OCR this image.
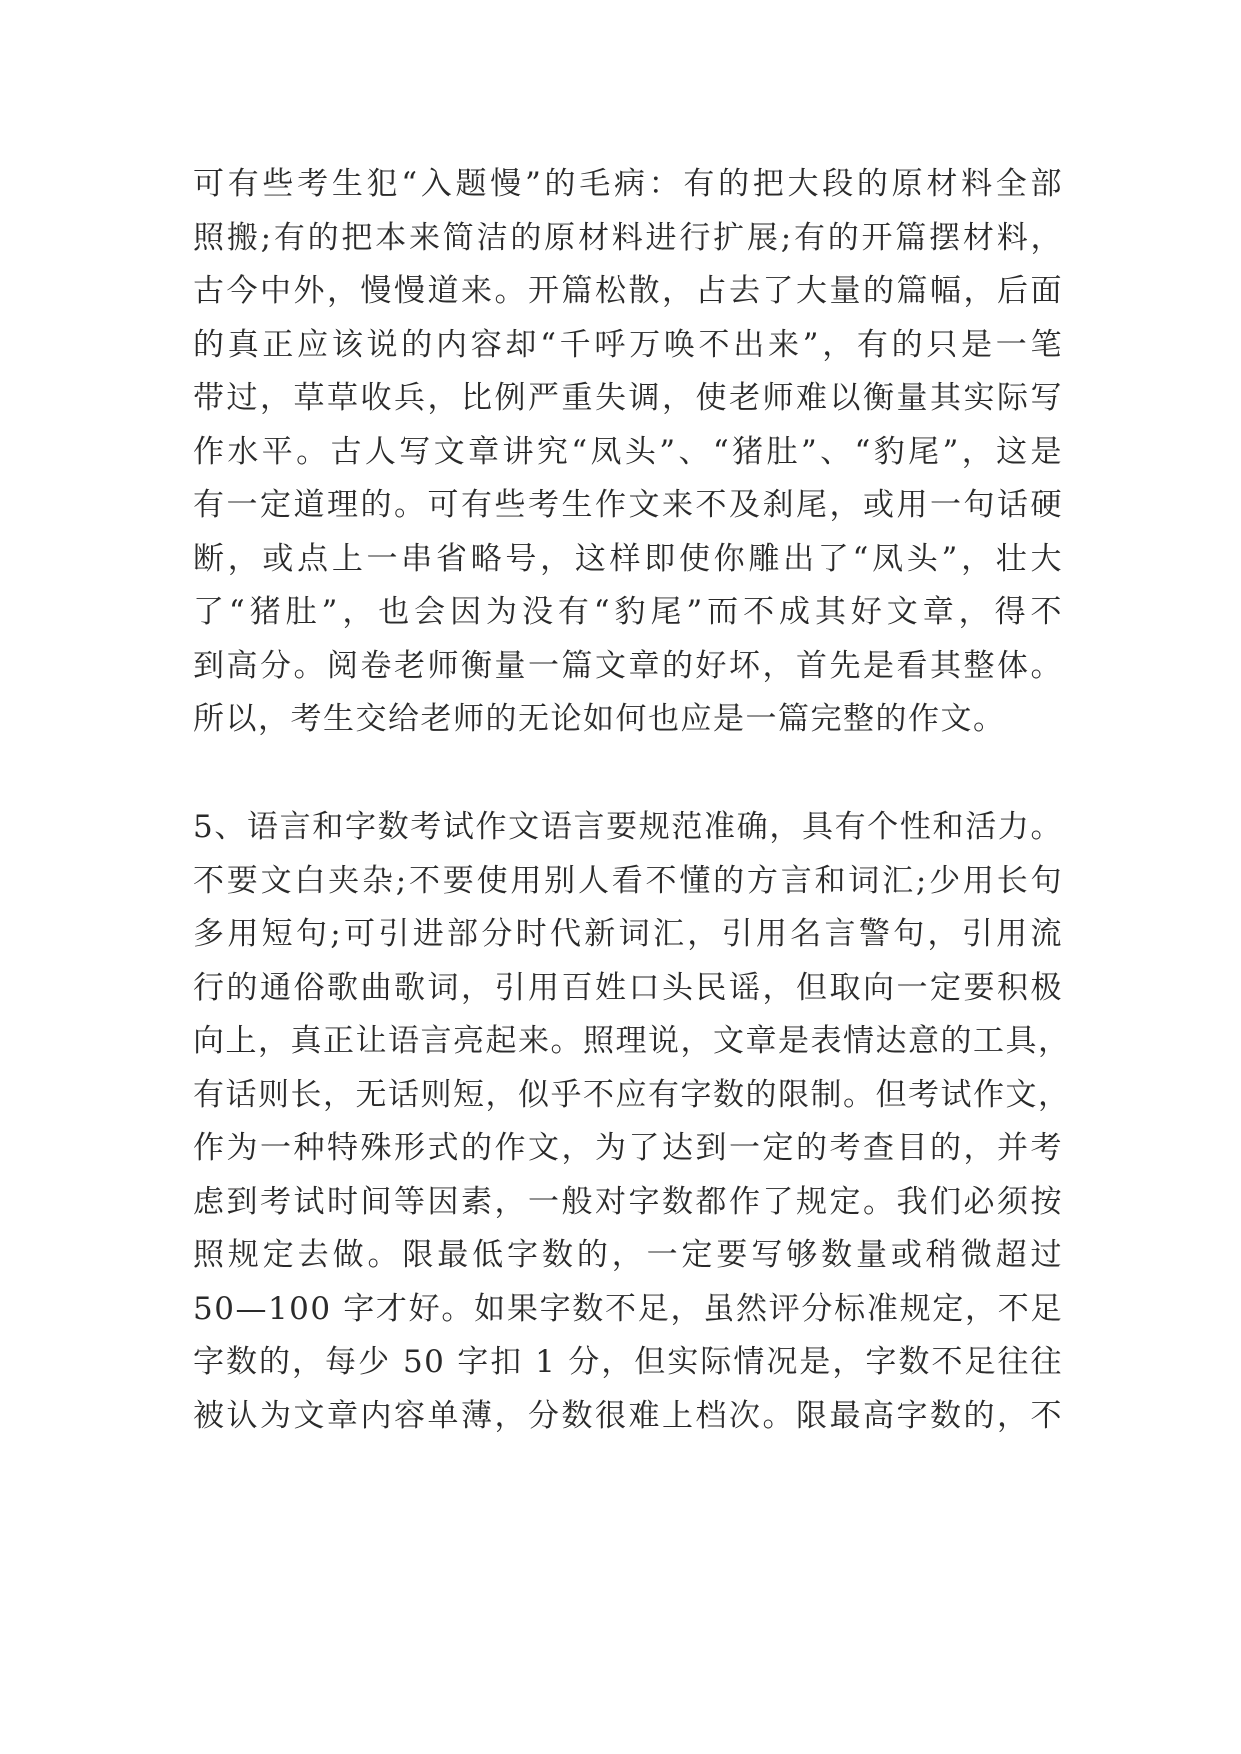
可有些考生犯“入题慢”的毛病：有的把大段的原材料全部
照搬;有的把本来简洁的原材料进行扩展;有的开篇摆材料，
古今中外，慢慢道来。开篇松散，占去了大量的篇幅，后面
的真正应该说的内容却“千呼万唤不出来”，有的只是一笔
带过，草草收兵，比例严重失调，使老师难以衡量其实际写
作水平。古人写文章讲究“凤头”、“猪肚”、“豹尾”，这是
有一定道理的。可有些考生作文来不及刹尾，或用一句话硬
断，或点上一串省略号，这样即使你雕出了“凤头”，壮大
了“猪肚”，也会因为没有“豹尾”而不成其好文章，得不
到高分。阅卷老师衡量一篇文章的好坏，首先是看其整体。
所以，考生交给老师的无论如何也应是一篇完整的作文。
5、语言和字数考试作文语言要规范准确，具有个性和活力。
不要文白夹杂;不要使用别人看不懂的方言和词汇;少用长句
多用短句;可引进部分时代新词汇，引用名言警句，引用流
行的通俗歌曲歌词，引用百姓口头民谣，但取向一定要积极
向上，真正让语言亮起来。照理说，文章是表情达意的工具，
有话则长，无话则短，似乎不应有字数的限制。但考试作文，
作为一种特殊形式的作文，为了达到一定的考查目的，并考
虑到考试时间等因素，一般对字数都作了规定。我们必须按
照规定去做。限最低字数的，一定要写够数量或稍微超过
50—100 字才好。如果字数不足，虽然评分标准规定，不足
字数的，每少 50 字扣 1 分，但实际情况是，字数不足往往
被认为文章内容单薄，分数很难上档次。限最高字数的，不
